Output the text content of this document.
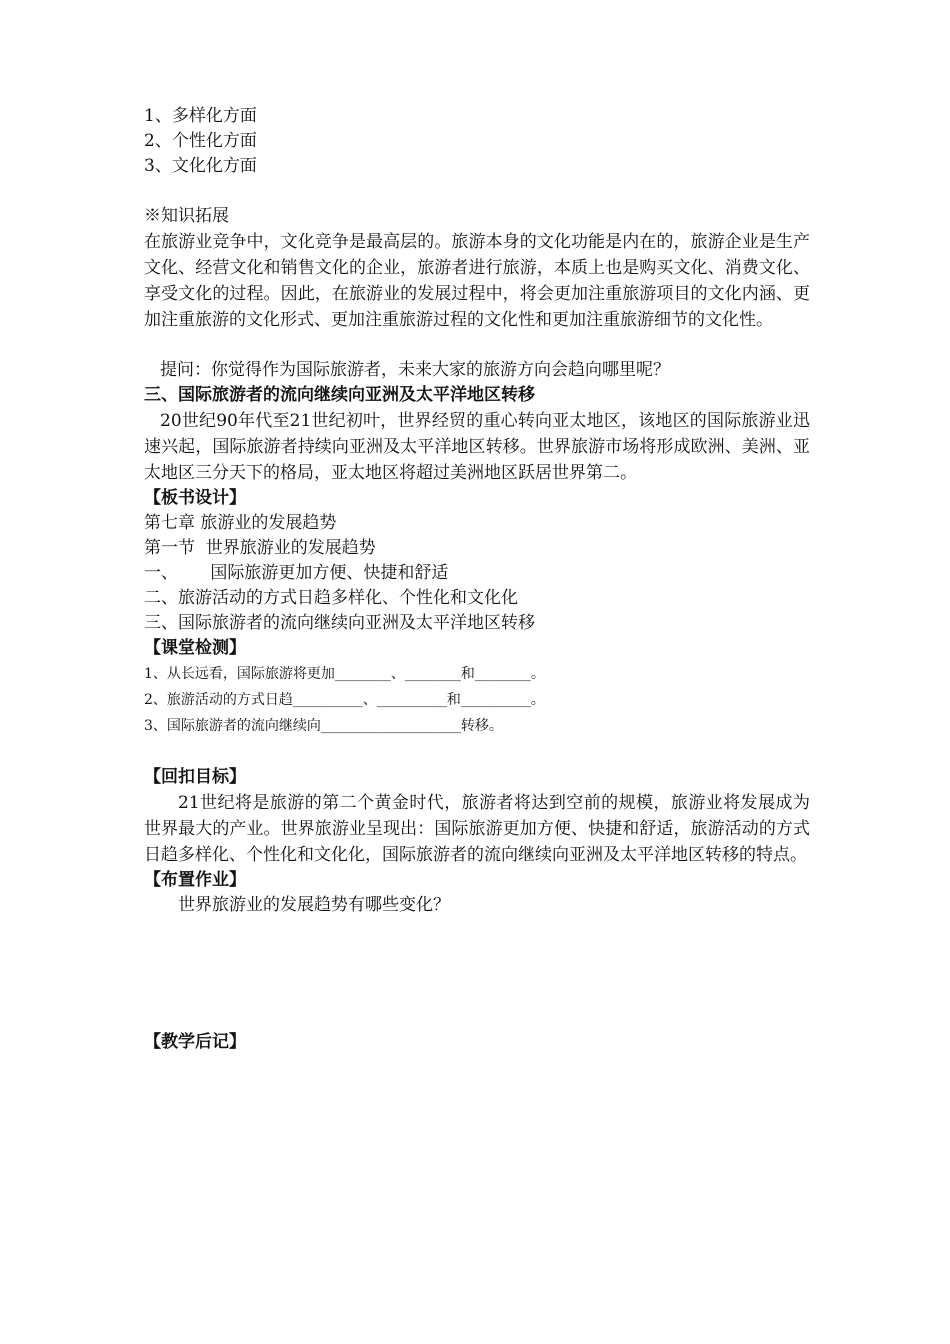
1、多样化方面
2、个性化方面
3、文化化方面
※知识拓展
在旅游业竞争中，文化竞争是最高层的。旅游本身的文化功能是内在的，旅游企业是生产文化、经营文化和销售文化的企业，旅游者进行旅游，本质上也是购买文化、消费文化、享受文化的过程。因此，在旅游业的发展过程中，将会更加注重旅游项目的文化内涵、更加注重旅游的文化形式、更加注重旅游过程的文化性和更加注重旅游细节的文化性。
提问：你觉得作为国际旅游者，未来大家的旅游方向会趋向哪里呢？
三、国际旅游者的流向继续向亚洲及太平洋地区转移
20世纪90年代至21世纪初叶，世界经贸的重心转向亚太地区，该地区的国际旅游业迅速兴起，国际旅游者持续向亚洲及太平洋地区转移。世界旅游市场将形成欧洲、美洲、亚太地区三分天下的格局，亚太地区将超过美洲地区跃居世界第二。
【板书设计】
第七章 旅游业的发展趋势
第一节  世界旅游业的发展趋势
一、      国际旅游更加方便、快捷和舒适
二、旅游活动的方式日趋多样化、个性化和文化化
三、国际旅游者的流向继续向亚洲及太平洋地区转移
【课堂检测】
1、从长远看，国际旅游将更加________、________和________。
2、旅游活动的方式日趋__________、__________和__________。
3、国际旅游者的流向继续向____________________转移。
【回扣目标】
21世纪将是旅游的第二个黄金时代，旅游者将达到空前的规模，旅游业将发展成为世界最大的产业。世界旅游业呈现出：国际旅游更加方便、快捷和舒适，旅游活动的方式日趋多样化、个性化和文化化，国际旅游者的流向继续向亚洲及太平洋地区转移的特点。
【布置作业】
世界旅游业的发展趋势有哪些变化？
【教学后记】
